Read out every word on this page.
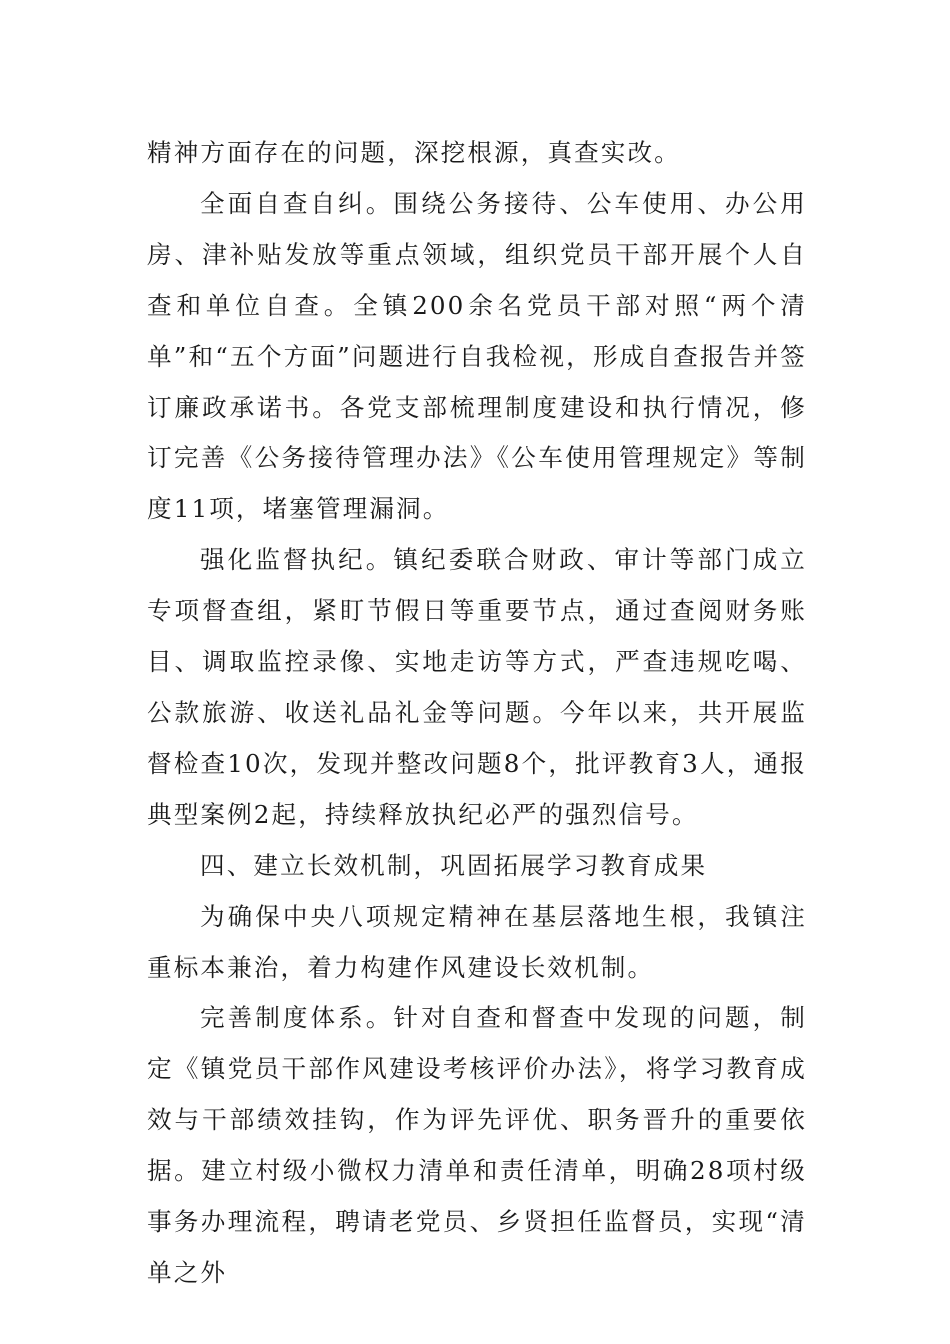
精神方面存在的问题，深挖根源，真查实改。

全面自查自纠。围绕公务接待、公车使用、办公用房、津补贴发放等重点领域，组织党员干部开展个人自查和单位自查。全镇200余名党员干部对照“两个清单”和“五个方面”问题进行自我检视，形成自查报告并签订廉政承诺书。各党支部梳理制度建设和执行情况，修订完善《公务接待管理办法》《公车使用管理规定》等制度11项，堵塞管理漏洞。

强化监督执纪。镇纪委联合财政、审计等部门成立专项督查组，紧盯节假日等重要节点，通过查阅财务账目、调取监控录像、实地走访等方式，严查违规吃喝、公款旅游、收送礼品礼金等问题。今年以来，共开展监督检查10次，发现并整改问题8个，批评教育3人，通报典型案例2起，持续释放执纪必严的强烈信号。

四、建立长效机制，巩固拓展学习教育成果

为确保中央八项规定精神在基层落地生根，我镇注重标本兼治，着力构建作风建设长效机制。

完善制度体系。针对自查和督查中发现的问题，制定《镇党员干部作风建设考核评价办法》，将学习教育成效与干部绩效挂钩，作为评先评优、职务晋升的重要依据。建立村级小微权力清单和责任清单，明确28项村级事务办理流程，聘请老党员、乡贤担任监督员，实现“清单之外
